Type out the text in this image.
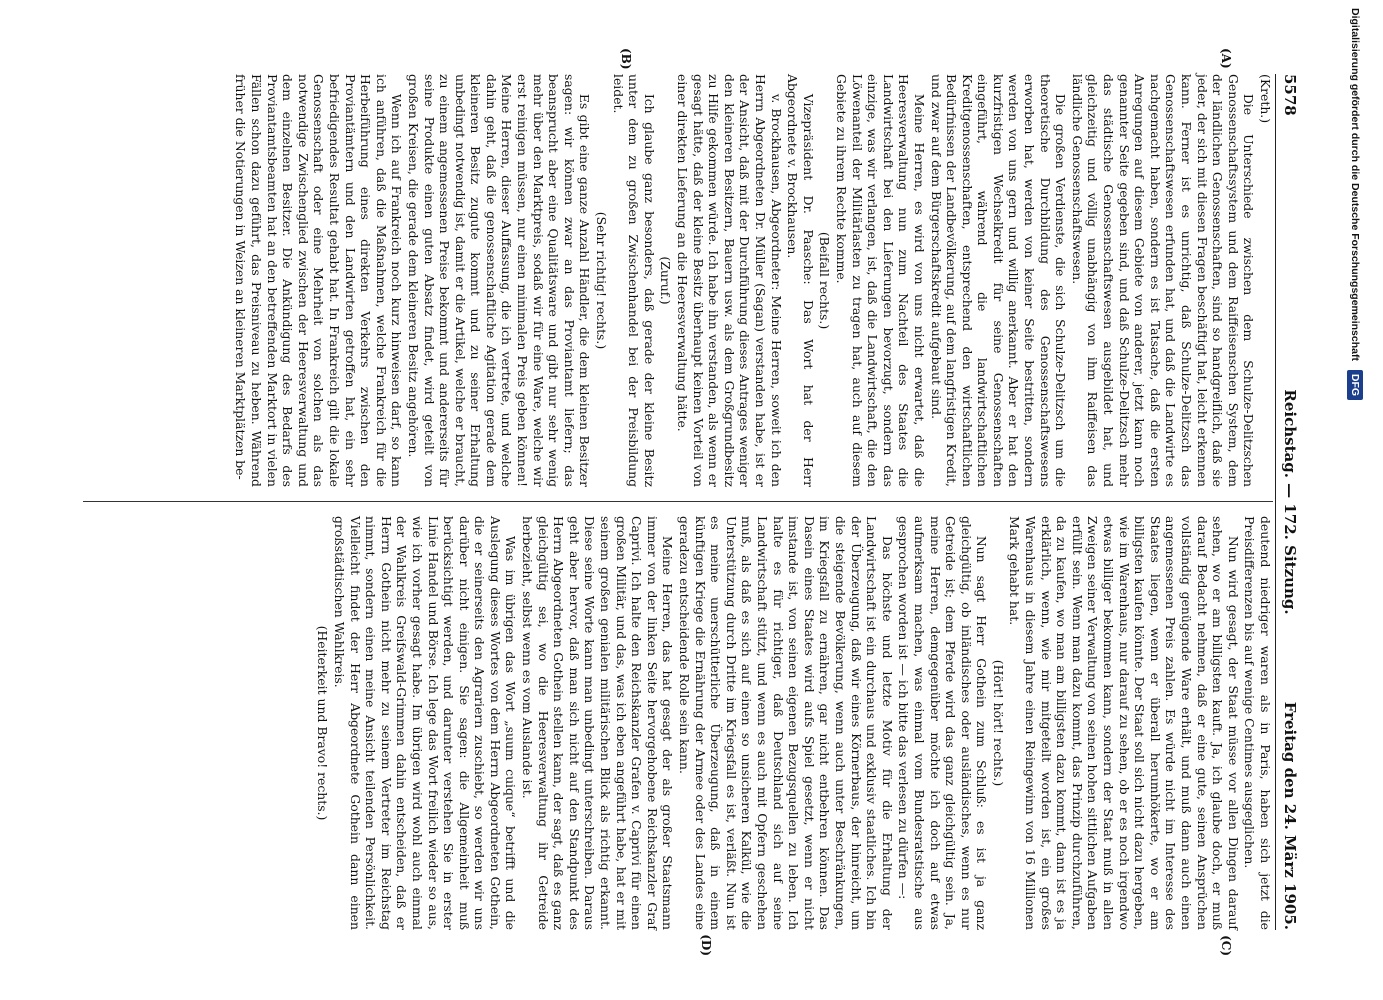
5578
Reichstag. — 172. Sitzung.
Freitag den 24. März 1905.
(A)
(B)
(C)
(D)

(Kreth.)

Die Unterschiede zwischen dem Schulze-Delitzschen Genossenschaftssystem und dem Raiffeisenschen System, dem der ländlichen Genossenschaften, sind so handgreiflich, daß sie jeder, der sich mit diesen Fragen beschäftigt hat, leicht erkennen kann. Ferner ist es unrichtig, daß Schulze-Delitzsch das Genossenschaftswesen erfunden hat, und daß die Landwirte es nachgemacht haben, sondern es ist Tatsache, daß die ersten Anregungen auf diesem Gebiete von anderer, jetzt kann noch genannter Seite gegeben sind, und daß Schulze-Delitzsch mehr das städtische Genossenschaftswesen ausgebildet hat, und gleichzeitig und völlig unabhängig von ihm Raiffeisen das ländliche Genossenschaftswesen.

Die großen Verdienste, die sich Schulze-Delitzsch um die theoretische Durchbildung des Genossenschaftswesens erworben hat, werden von keiner Seite bestritten, sondern werden von uns gern und willig anerkannt. Aber er hat den kurzfristigen Wechselkredit für seine Genossenschaften eingeführt, während die landwirtschaftlichen Kreditgenossenschaften, entsprechend den wirtschaftlichen Bedürfnissen der Landbevölkerung, auf dem langfristigen Kredit, und zwar auf dem Bürgerschaftskredit aufgebaut sind.

Meine Herren, es wird von uns nicht erwartet, daß die Heeresverwaltung nun zum Nachteil des Staates die Landwirtschaft bei den Lieferungen bevorzugt, sondern das einzige, was wir verlangen, ist, daß die Landwirtschaft, die den Löwenanteil der Militärlasten zu tragen hat, auch auf diesem Gebiete zu ihrem Rechte komme.

(Beifall rechts.)

Vizepräsident Dr. Paasche: Das Wort hat der Herr Abgeordnete v. Brockhausen.

v. Brockhausen, Abgeordneter: Meine Herren, soweit ich den Herrn Abgeordneten Dr. Müller (Sagan) verstanden habe, ist er der Ansicht, daß mit der Durchführung dieses Antrages weniger den kleineren Besitzern, Bauern usw. als dem Großgrundbesitz zu Hilfe gekommen würde. Ich habe ihn verstanden, als wenn er gesagt hätte, daß der kleine Besitz überhaupt keinen Vorteil von einer direkten Lieferung an die Heeresverwaltung hätte.

(Zuruf.)

Ich glaube ganz besonders, daß gerade der kleine Besitz unter dem zu großen Zwischenhandel bei der Preisbildung leidet.

(Sehr richtig! rechts.)

Es gibt eine ganze Anzahl Händler, die dem kleinen Besitzer sagen: wir können zwar an das Proviantamt liefern; das beansprucht aber eine Qualitätsware und gibt nur sehr wenig mehr über den Marktpreis, sodaß wir für eine Ware, welche wir erst reinigen müssen, nur einen minimalen Preis geben können! Meine Herren, dieser Auffassung, die ich vertrete, und welche dahin geht, daß die genossenschaftliche Agitation gerade dem kleineren Besitz zugute kommt und zu seiner Erhaltung unbedingt notwendig ist, damit er die Artikel, welche er braucht, zu einem angemessenen Preise bekommt und andererseits für seine Produkte einen guten Absatz findet, wird geteilt von großen Kreisen, die gerade dem kleineren Besitz angehören.

Wenn ich auf Frankreich noch kurz hinweisen darf, so kann ich anführen, daß die Maßnahmen, welche Frankreich für die Herbeiführung eines direkten Verkehrs zwischen den Proviantämtern und den Landwirten getroffen hat, ein sehr befriedigendes Resultat gehabt hat. In Frankreich gilt die lokale Genossenschaft oder eine Mehrheit von solchen als das notwendige Zwischenglied zwischen der Heeresverwaltung und dem einzelnen Besitzer. Die Ankündigung des Bedarfs des Proviantamtsbeamten hat an den betreffenden Marktort in vielen Fällen schon dazu geführt, das Preisniveau zu heben. Während früher die Notierungen in Weizen an kleineren Marktplätzen be-

deutend niedriger waren als in Paris, haben sich jetzt die Preisdifferenzen bis auf wenige Centimes ausgeglichen.

Nun wird gesagt, der Staat müsse vor allen Dingen darauf sehen, wo er am billigsten kauft. Ja, ich glaube doch, er muß darauf Bedacht nehmen, daß er eine gute, seinen Ansprüchen vollständig genügende Ware erhält, und muß dann auch einen angemessenen Preis zahlen. Es würde nicht im Interesse des Staates liegen, wenn er überall herumhökerte, wo er am billigsten kaufen könnte. Der Staat soll sich nicht dazu hergeben, wie im Warenhaus, nur darauf zu sehen, ob er es noch irgendwo etwas billiger bekommen kann, sondern der Staat muß in allen Zweigen seiner Verwaltung von seinen hohen sittlichen Aufgaben erfüllt sein. Wenn man dazu kommt, das Prinzip durchzuführen, da zu kaufen, wo man am billigsten dazu kommt, dann ist es ja erklärlich, wenn, wie mir mitgeteilt worden ist, ein großes Warenhaus in diesem Jahre einen Reingewinn von 16 Millionen Mark gehabt hat.

(Hört! hört! rechts.)

Nun sagt Herr Gothein zum Schluß: es ist ja ganz gleichgültig, ob inländisches oder ausländisches, wenn es nur Getreide ist; dem Pferde wird das ganz gleichgültig sein. Ja, meine Herren, demgegenüber möchte ich doch auf etwas aufmerksam machen, was einmal vom Bundesratstische aus gesprochen worden ist — ich bitte das verlesen zu dürfen —:

Das höchste und letzte Motiv für die Erhaltung der Landwirtschaft ist ein durchaus und exklusiv staatliches. Ich bin der Überzeugung, daß wir eines Körnerbaus, der hinreicht, um die steigende Bevölkerung, wenn auch unter Beschränkungen, im Kriegsfall zu ernähren, gar nicht entbehren können. Das Dasein eines Staates wird aufs Spiel gesetzt, wenn er nicht imstande ist, von seinen eigenen Bezugsquellen zu leben. Ich halte es für richtiger, daß Deutschland sich auf seine Landwirtschaft stützt, und wenn es auch mit Opfern geschehen muß, als daß es sich auf einen so unsicheren Kalkül, wie die Unterstützung durch Dritte im Kriegsfall es ist, verläßt. Nun ist es meine unerschütterliche Überzeugung, daß in einem künftigen Kriege die Ernährung der Armee oder des Landes eine geradezu entscheidende Rolle sein kann.

Meine Herren, das hat gesagt der als großer Staatsmann immer von der linken Seite hervorgehobene Reichskanzler Graf Caprivi. Ich halte den Reichskanzler Grafen v. Caprivi für einen großen Militär, und das, was ich eben angeführt habe, hat er mit seinem großen genialen militärischen Blick als richtig erkannt. Diese seine Worte kann man unbedingt unterschreiben. Daraus geht aber hervor, daß man sich nicht auf den Standpunkt des Herrn Abgeordneten Gothein stellen kann, der sagt, daß es ganz gleichgültig sei, wo die Heeresverwaltung ihr Getreide herbezieht, selbst wenn es vom Auslande ist.

Was im übrigen das Wort „suum cuique“ betrifft und die Auslegung dieses Wortes von dem Herrn Abgeordneten Gothein, die er seinerseits den Agrariern zuschiebt, so werden wir uns darüber nicht einigen. Sie sagen: die Allgemeinheit muß berücksichtigt werden, und darunter verstehen Sie in erster Linie Handel und Börse. Ich lege das Wort freilich wieder so aus, wie ich vorher gesagt habe. Im übrigen wird wohl auch einmal der Wahlkreis Greifswald-Grimmen dahin entscheiden, daß er Herrn Gothein nicht mehr zu seinem Vertreter im Reichstag nimmt, sondern einen meine Ansicht teilenden Persönlichkeit. Vielleicht findet der Herr Abgeordnete Gothein dann einen großstädtischen Wahlkreis.

(Heiterkeit und Bravo! rechts.)

Digitalisierung gefördert durch die Deutsche Forschungsgemeinschaft DFG
